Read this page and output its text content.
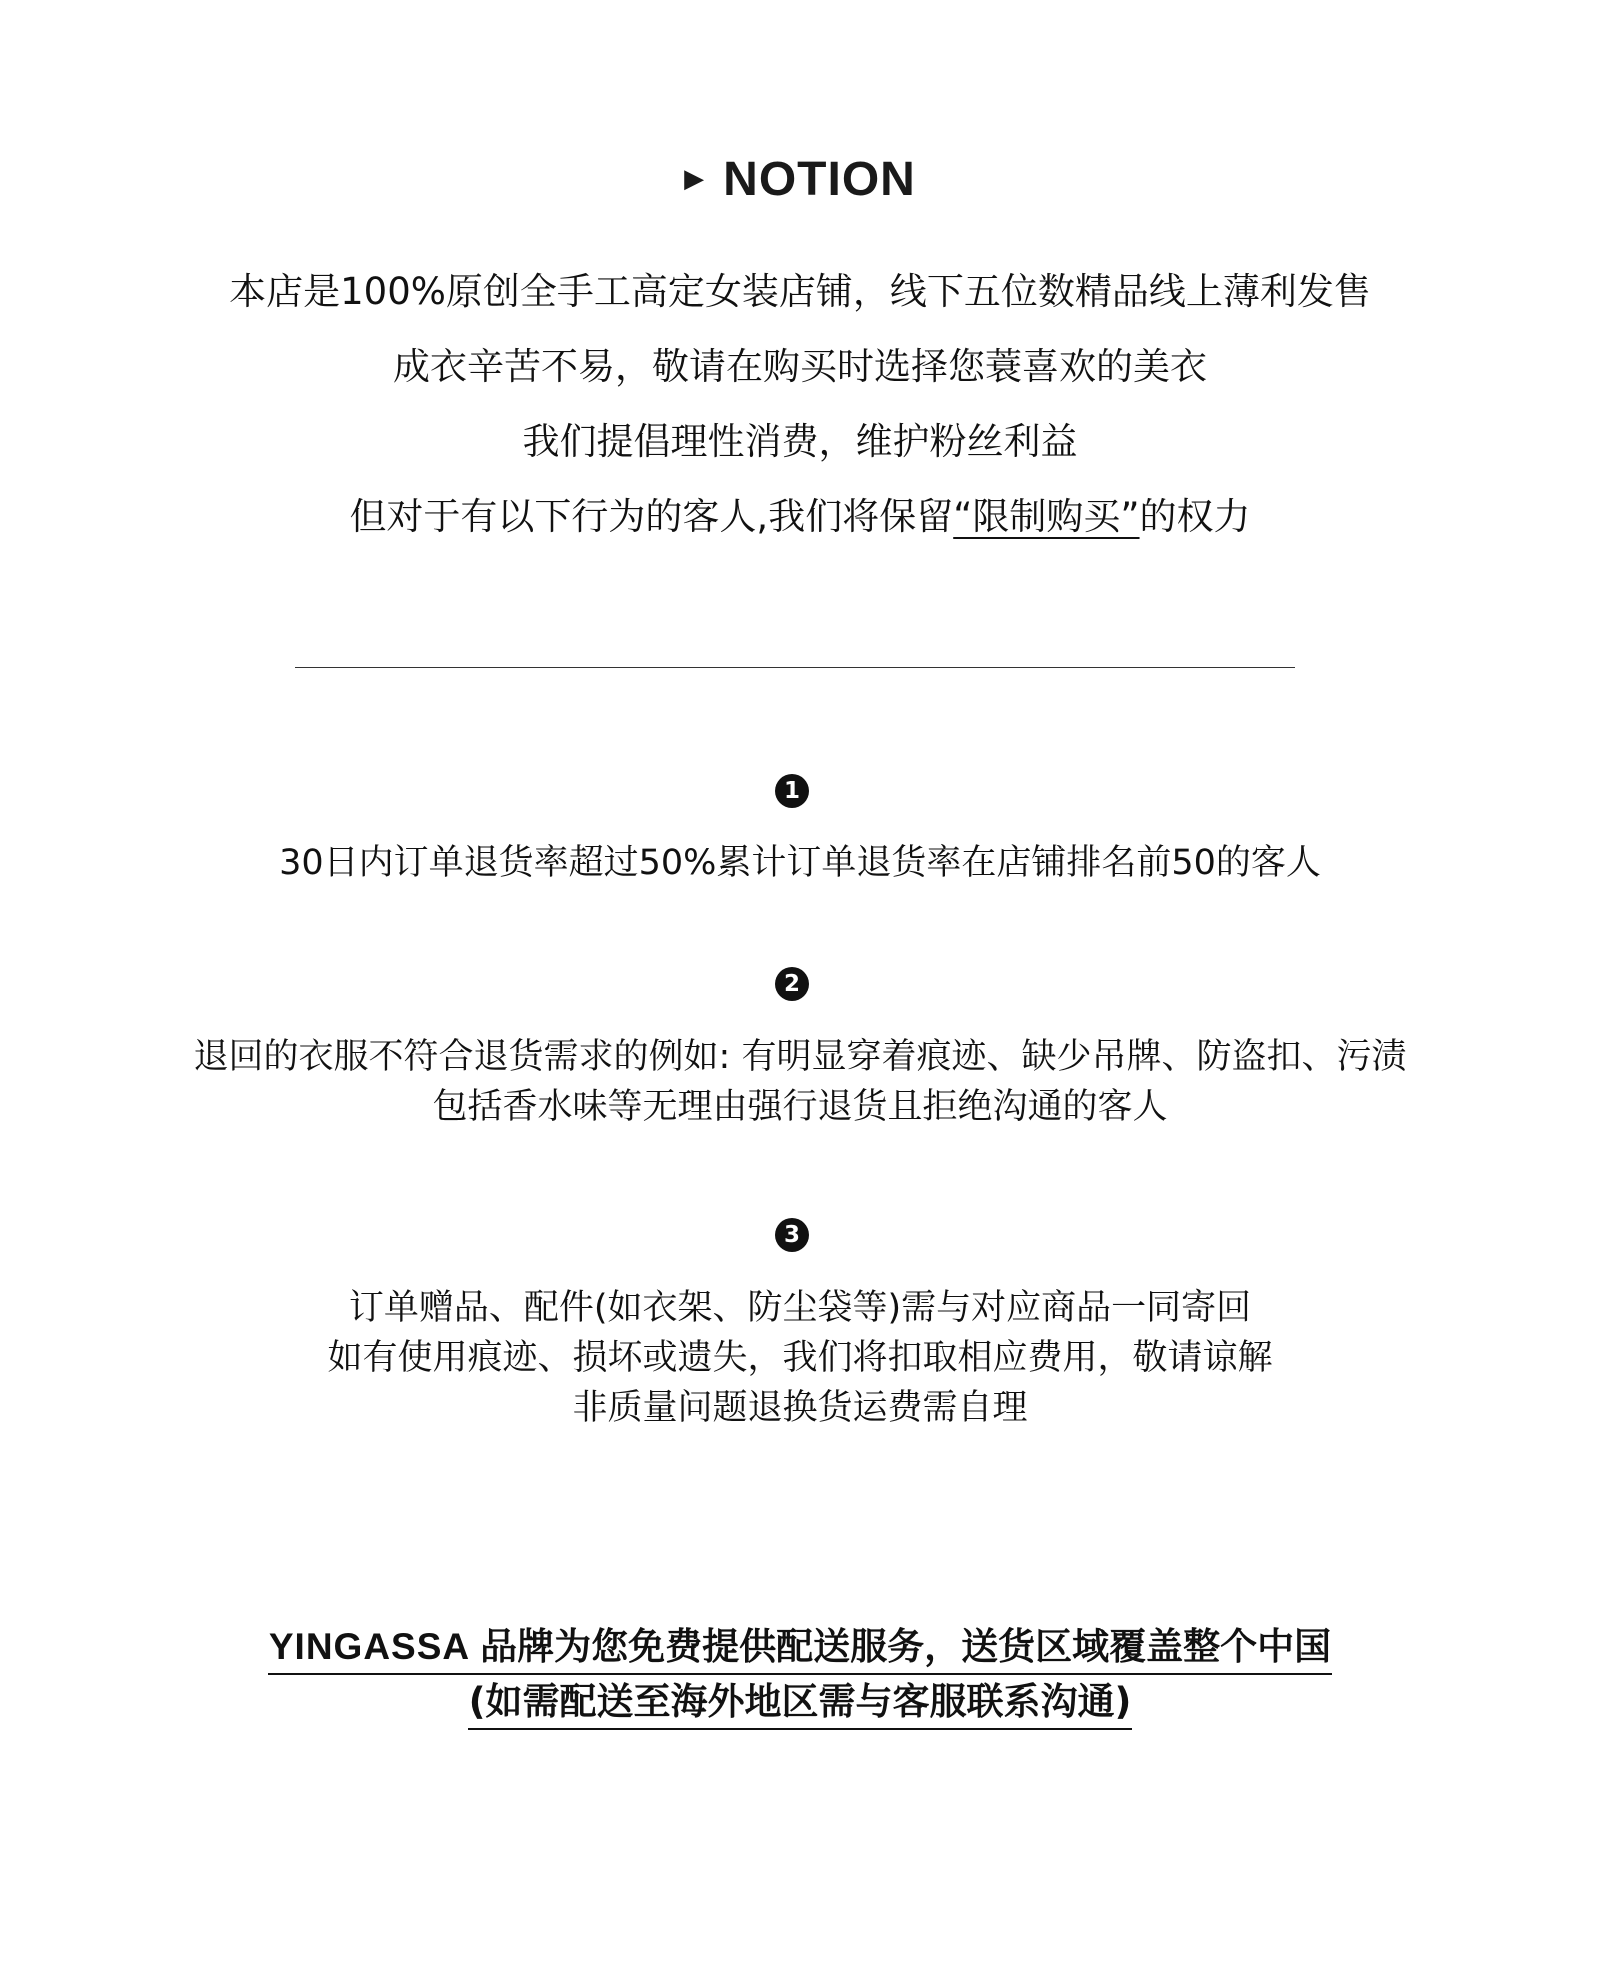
▶ NOTION
本店是100%原创全手工高定女装店铺，线下五位数精品线上薄利发售
成衣辛苦不易，敬请在购买时选择您蓑喜欢的美衣
我们提倡理性消费，维护粉丝利益
但对于有以下行为的客人,我们将保留“限制购买”的权力
1
30日内订单退货率超过50%累计订单退货率在店铺排名前50的客人
2
退回的衣服不符合退货需求的例如: 有明显穿着痕迹、缺少吊牌、防盗扣、污渍
包括香水味等无理由强行退货且拒绝沟通的客人
3
订单赠品、配件(如衣架、防尘袋等)需与对应商品一同寄回
如有使用痕迹、损坏或遗失，我们将扣取相应费用，敬请谅解
非质量问题退换货运费需自理
YINGASSA 品牌为您免费提供配送服务，送货区域覆盖整个中国
(如需配送至海外地区需与客服联系沟通)
